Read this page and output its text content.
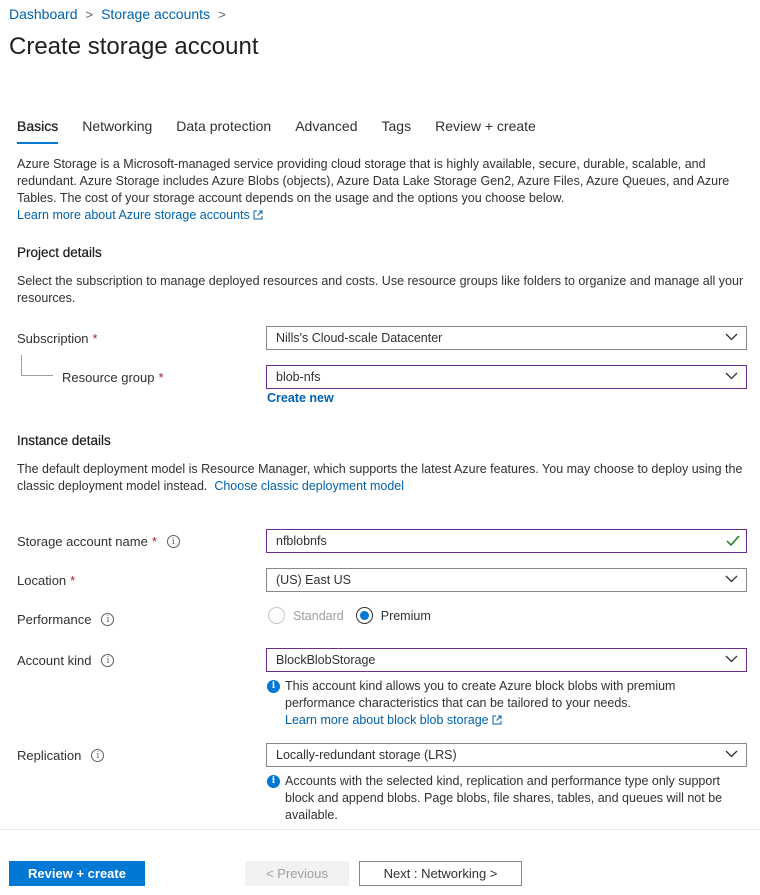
Dashboard > Storage accounts >
Create storage account
Basics Networking Data protection Advanced Tags Review + create
Azure Storage is a Microsoft-managed service providing cloud storage that is highly available, secure, durable, scalable, and redundant. Azure Storage includes Azure Blobs (objects), Azure Data Lake Storage Gen2, Azure Files, Azure Queues, and Azure Tables. The cost of your storage account depends on the usage and the options you choose below.
Learn more about Azure storage accounts
Project details
Select the subscription to manage deployed resources and costs. Use resource groups like folders to organize and manage all your resources.
Subscription *	Nills's Cloud-scale Datacenter
Resource group *	blob-nfs
Create new
Instance details
The default deployment model is Resource Manager, which supports the latest Azure features. You may choose to deploy using the classic deployment model instead. Choose classic deployment model
Storage account name *	i	nfblobnfs
Location *	(US) East US
Performance	i	Standard	Premium
Account kind	i	BlockBlobStorage
i This account kind allows you to create Azure block blobs with premium performance characteristics that can be tailored to your needs.
Learn more about block blob storage
Replication	i	Locally-redundant storage (LRS)
i Accounts with the selected kind, replication and performance type only support block and append blobs. Page blobs, file shares, tables, and queues will not be available.
Review + create	< Previous	Next : Networking >
